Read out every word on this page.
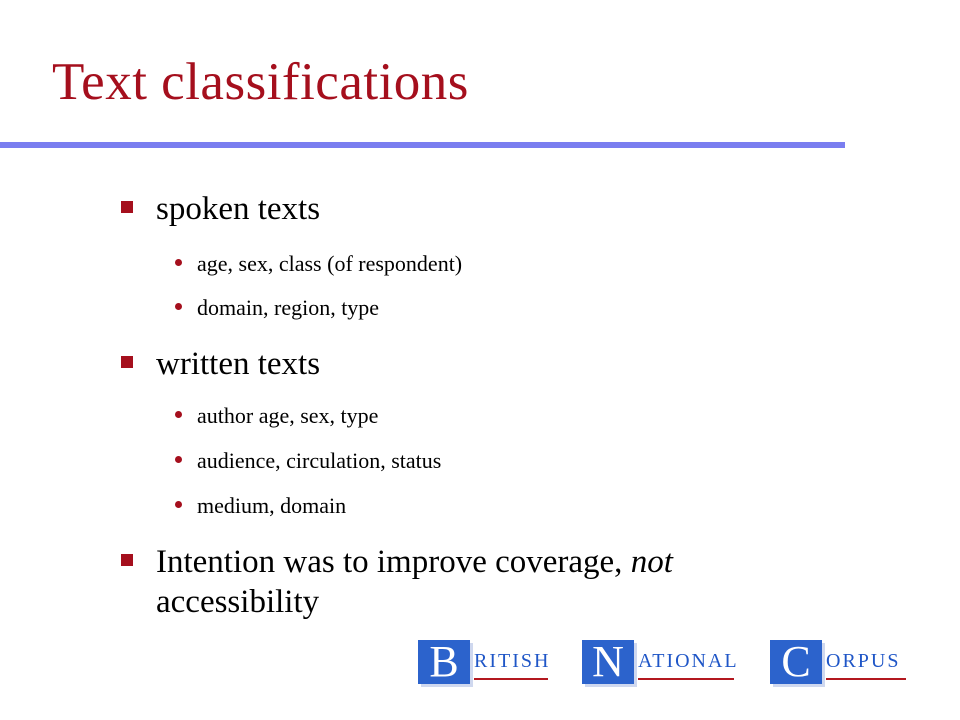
Text classifications
spoken texts
age, sex, class (of respondent)
domain, region, type
written texts
author age, sex, type
audience, circulation, status
medium, domain
Intention was to improve coverage, not
accessibility
B RITISH N ATIONAL C ORPUS
